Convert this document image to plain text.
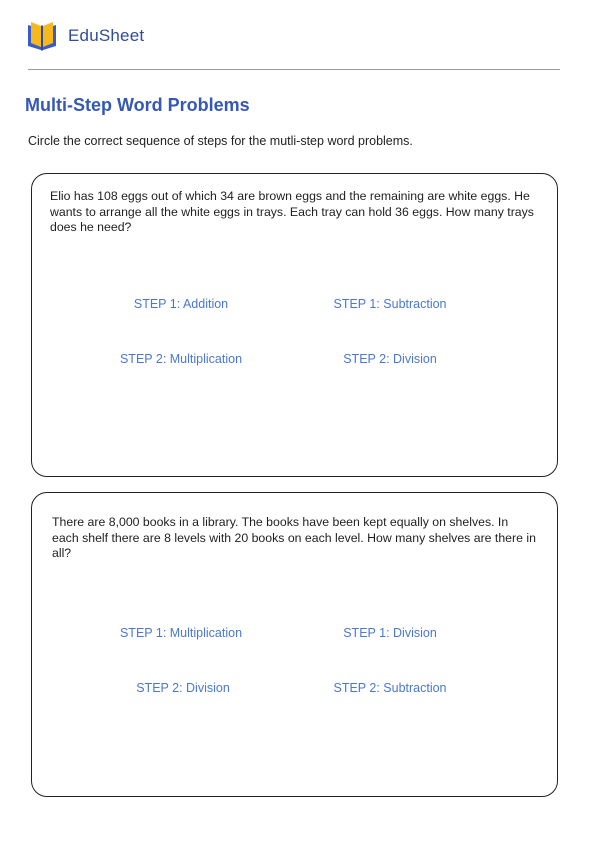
EduSheet
Multi-Step Word Problems

Circle the correct sequence of steps for the mutli-step word problems.

Elio has 108 eggs out of which 34 are brown eggs and the remaining are white eggs. He wants to arrange all the white eggs in trays. Each tray can hold 36 eggs. How many trays does he need?

STEP 1: Addition	STEP 1: Subtraction
STEP 2: Multiplication	STEP 2: Division

There are 8,000 books in a library. The books have been kept equally on shelves. In each shelf there are 8 levels with 20 books on each level. How many shelves are there in all?

STEP 1: Multiplication	STEP 1: Division
STEP 2: Division	STEP 2: Subtraction
